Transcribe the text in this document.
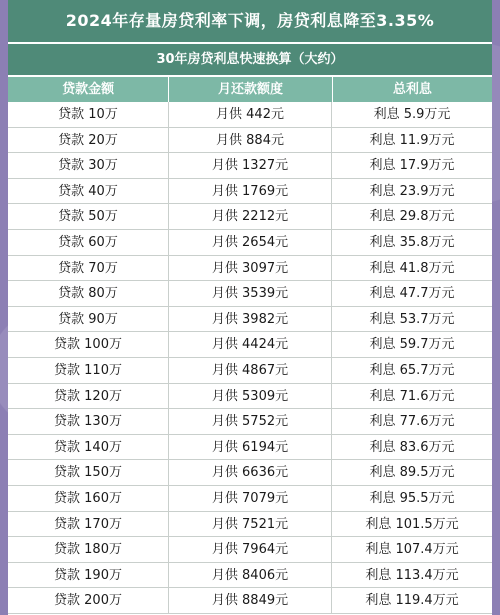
2024年存量房贷利率下调，房贷利息降至3.35%
30年房贷利息快速换算（大约）
贷款金额	月还款额度	总利息
贷款 10万	月供 442元	利息 5.9万元
贷款 20万	月供 884元	利息 11.9万元
贷款 30万	月供 1327元	利息 17.9万元
贷款 40万	月供 1769元	利息 23.9万元
贷款 50万	月供 2212元	利息 29.8万元
贷款 60万	月供 2654元	利息 35.8万元
贷款 70万	月供 3097元	利息 41.8万元
贷款 80万	月供 3539元	利息 47.7万元
贷款 90万	月供 3982元	利息 53.7万元
贷款 100万	月供 4424元	利息 59.7万元
贷款 110万	月供 4867元	利息 65.7万元
贷款 120万	月供 5309元	利息 71.6万元
贷款 130万	月供 5752元	利息 77.6万元
贷款 140万	月供 6194元	利息 83.6万元
贷款 150万	月供 6636元	利息 89.5万元
贷款 160万	月供 7079元	利息 95.5万元
贷款 170万	月供 7521元	利息 101.5万元
贷款 180万	月供 7964元	利息 107.4万元
贷款 190万	月供 8406元	利息 113.4万元
贷款 200万	月供 8849元	利息 119.4万元
